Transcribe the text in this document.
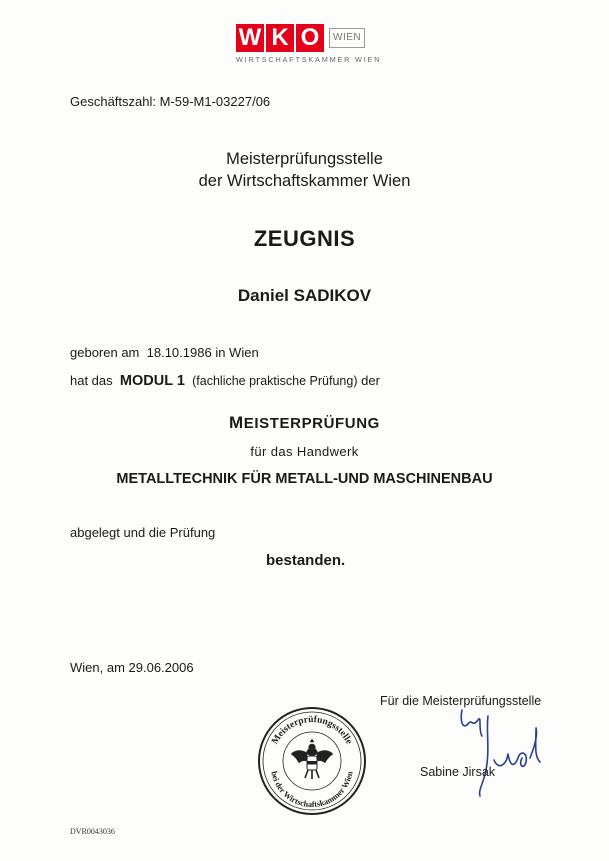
W K O	WIEN
WIRTSCHAFTSKAMMER WIEN
Geschäftszahl: M-59-M1-03227/06
Meisterprüfungsstelle
der Wirtschaftskammer Wien
ZEUGNIS
Daniel SADIKOV
geboren am 18.10.1986 in Wien
hat das MODUL 1 (fachliche praktische Prüfung) der
MEISTERPRÜFUNG
für das Handwerk
METALLTECHNIK FÜR METALL-UND MASCHINENBAU
abgelegt und die Prüfung
bestanden.
Wien, am 29.06.2006
Für die Meisterprüfungsstelle
Meisterprüfungsstelle
bei der Wirtschaftskammer Wien	Sabine Jirsak
DVR0043036
